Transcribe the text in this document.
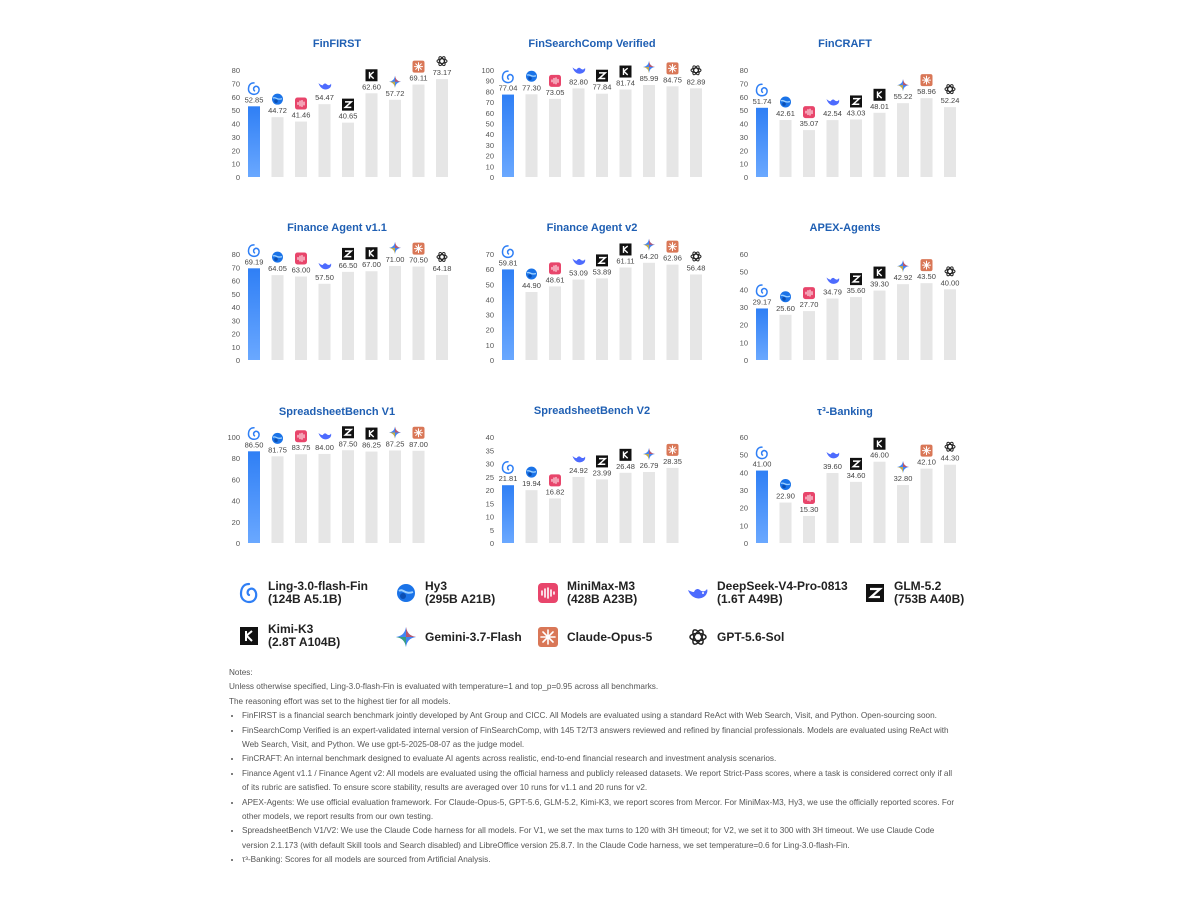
FinFIRST
0
10
20
30
40
50
60
70
80
52.85
44.72 41.46
54.47
40.65
62.60
57.72
69.11
73.17
FinSearchComp Verified
0
10
20
30
40
50
60
70
80
90
100
77.04 77.30
73.05
82.80
77.84 81.74
85.99 84.75 82.89
FinCRAFT
0
10
20
30
40
50
60
70
80
51.74
42.61
35.07
42.54 43.03
48.01
55.22
58.96
52.24
Finance Agent v1.1
0
10
20
30
40
50
60
70
80
69.19
64.05 63.00
57.50
66.50 67.00
71.00 70.50
64.18
Finance Agent v2
0
10
20
30
40
50
60
70
59.81
44.90
48.61
53.09 53.89
61.11
64.20 62.96
56.48
APEX-Agents
0
10
20
30
40
50
60
29.17
25.60 27.70
34.79 35.60
39.30
42.92 43.50
40.00
SpreadsheetBench V1
0
20
40
60
80
100
86.50
81.75 83.75 84.00 87.50 86.25 87.25 87.00
SpreadsheetBench V2
0
5
10
15
20
25
30
35
40
21.81
19.94
16.82
24.92 23.99
26.48 26.79 28.35
τ³-Banking
0
10
20
30
40
50
60
41.00
22.90
15.30
39.60
34.60
46.00
32.80
42.10 44.30
Ling-3.0-flash-Fin
(124B A5.1B)
Hy3
(295B A21B)
MiniMax-M3
(428B A23B)
DeepSeek-V4-Pro-0813
(1.6T A49B)
GLM-5.2
(753B A40B)
Kimi-K3
(2.8T A104B)	Gemini-3.7-Flash	Claude-Opus-5	GPT-5.6-Sol

Notes:

Unless otherwise specified, Ling-3.0-flash-Fin is evaluated with temperature=1 and top_p=0.95 across all benchmarks.

The reasoning effort was set to the highest tier for all models.

• FinFIRST is a financial search benchmark jointly developed by Ant Group and CICC. All Models are evaluated using a standard ReAct with Web Search, Visit, and Python. Open-sourcing soon.
• FinSearchComp Verified is an expert-validated internal version of FinSearchComp, with 145 T2/T3 answers reviewed and refined by financial professionals. Models are evaluated using ReAct with Web Search, Visit, and Python. We use gpt-5-2025-08-07 as the judge model.
• FinCRAFT: An internal benchmark designed to evaluate AI agents across realistic, end-to-end financial research and investment analysis scenarios.
• Finance Agent v1.1 / Finance Agent v2: All models are evaluated using the official harness and publicly released datasets. We report Strict-Pass scores, where a task is considered correct only if all of its rubric are satisfied. To ensure score stability, results are averaged over 10 runs for v1.1 and 20 runs for v2.
• APEX-Agents: We use official evaluation framework. For Claude-Opus-5, GPT-5.6, GLM-5.2, Kimi-K3, we report scores from Mercor. For MiniMax-M3, Hy3, we use the officially reported scores. For other models, we report results from our own testing.
• SpreadsheetBench V1/V2: We use the Claude Code harness for all models. For V1, we set the max turns to 120 with 3H timeout; for V2, we set it to 300 with 3H timeout. We use Claude Code version 2.1.173 (with default Skill tools and Search disabled) and LibreOffice version 25.8.7. In the Claude Code harness, we set temperature=0.6 for Ling-3.0-flash-Fin.
• τ³-Banking: Scores for all models are sourced from Artificial Analysis.
